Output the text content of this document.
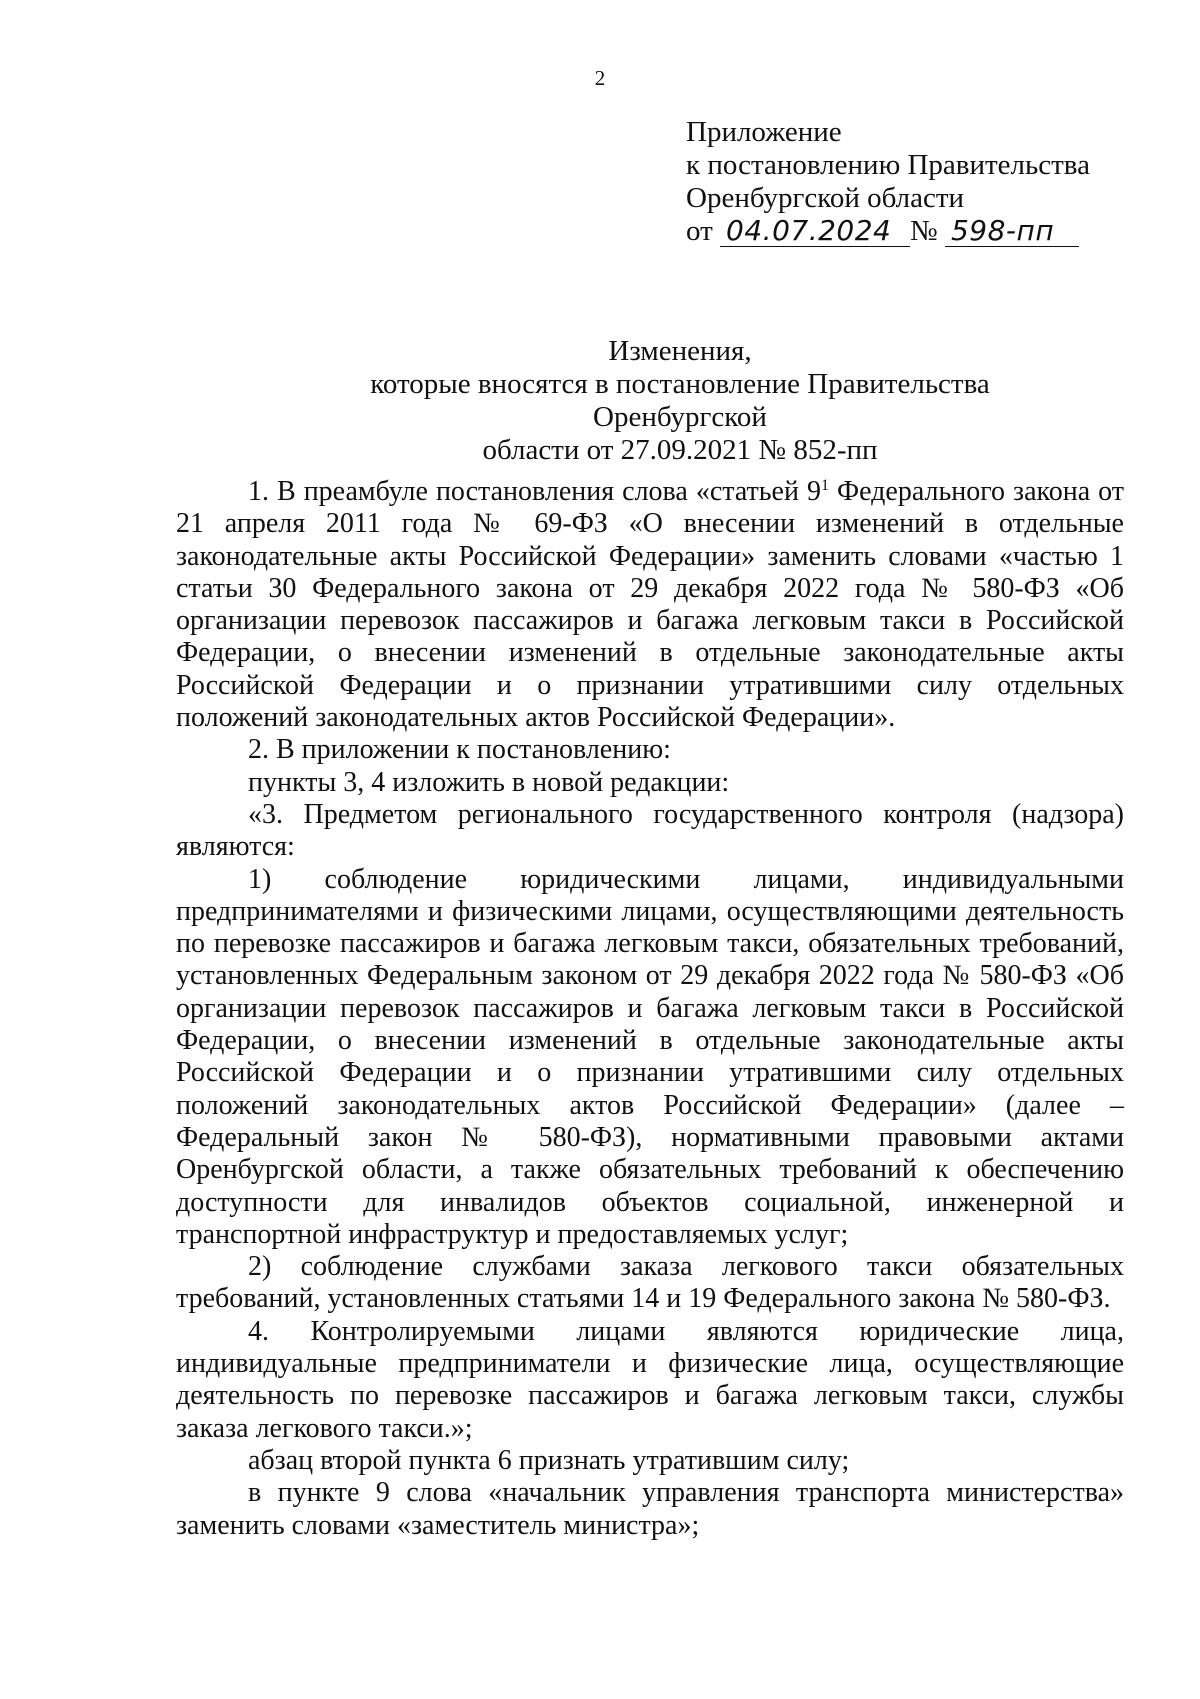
2
Приложение
к постановлению Правительства
Оренбургской области
от 04.07.2024 № 598-пп
Изменения,
которые вносятся в постановление Правительства Оренбургской
области от 27.09.2021 № 852-пп

1. В преамбуле постановления слова «статьей $9^1$ Федерального закона от 21 апреля 2011 года № 69-ФЗ «О внесении изменений в отдельные законодательные акты Российской Федерации» заменить словами «частью 1 статьи 30 Федерального закона от 29 декабря 2022 года № 580-ФЗ «Об организации перевозок пассажиров и багажа легковым такси в Российской Федерации, о внесении изменений в отдельные законодательные акты Российской Федерации и о признании утратившими силу отдельных положений законодательных актов Российской Федерации».

2. В приложении к постановлению:

пункты 3, 4 изложить в новой редакции:

«3. Предметом регионального государственного контроля (надзора) являются:

1) соблюдение юридическими лицами, индивидуальными предпринимателями и физическими лицами, осуществляющими деятельность по перевозке пассажиров и багажа легковым такси, обязательных требований, установленных Федеральным законом от 29 декабря 2022 года № 580-ФЗ «Об организации перевозок пассажиров и багажа легковым такси в Российской Федерации, о внесении изменений в отдельные законодательные акты Российской Федерации и о признании утратившими силу отдельных положений законодательных актов Российской Федерации» (далее – Федеральный закон № 580-ФЗ), нормативными правовыми актами Оренбургской области, а также обязательных требований к обеспечению доступности для инвалидов объектов социальной, инженерной и транспортной инфраструктур и предоставляемых услуг;

2) соблюдение службами заказа легкового такси обязательных требований, установленных статьями 14 и 19 Федерального закона № 580-ФЗ.

4. Контролируемыми лицами являются юридические лица, индивидуальные предприниматели и физические лица, осуществляющие деятельность по перевозке пассажиров и багажа легковым такси, службы заказа легкового такси.»;

абзац второй пункта 6 признать утратившим силу;

в пункте 9 слова «начальник управления транспорта министерства» заменить словами «заместитель министра»;
